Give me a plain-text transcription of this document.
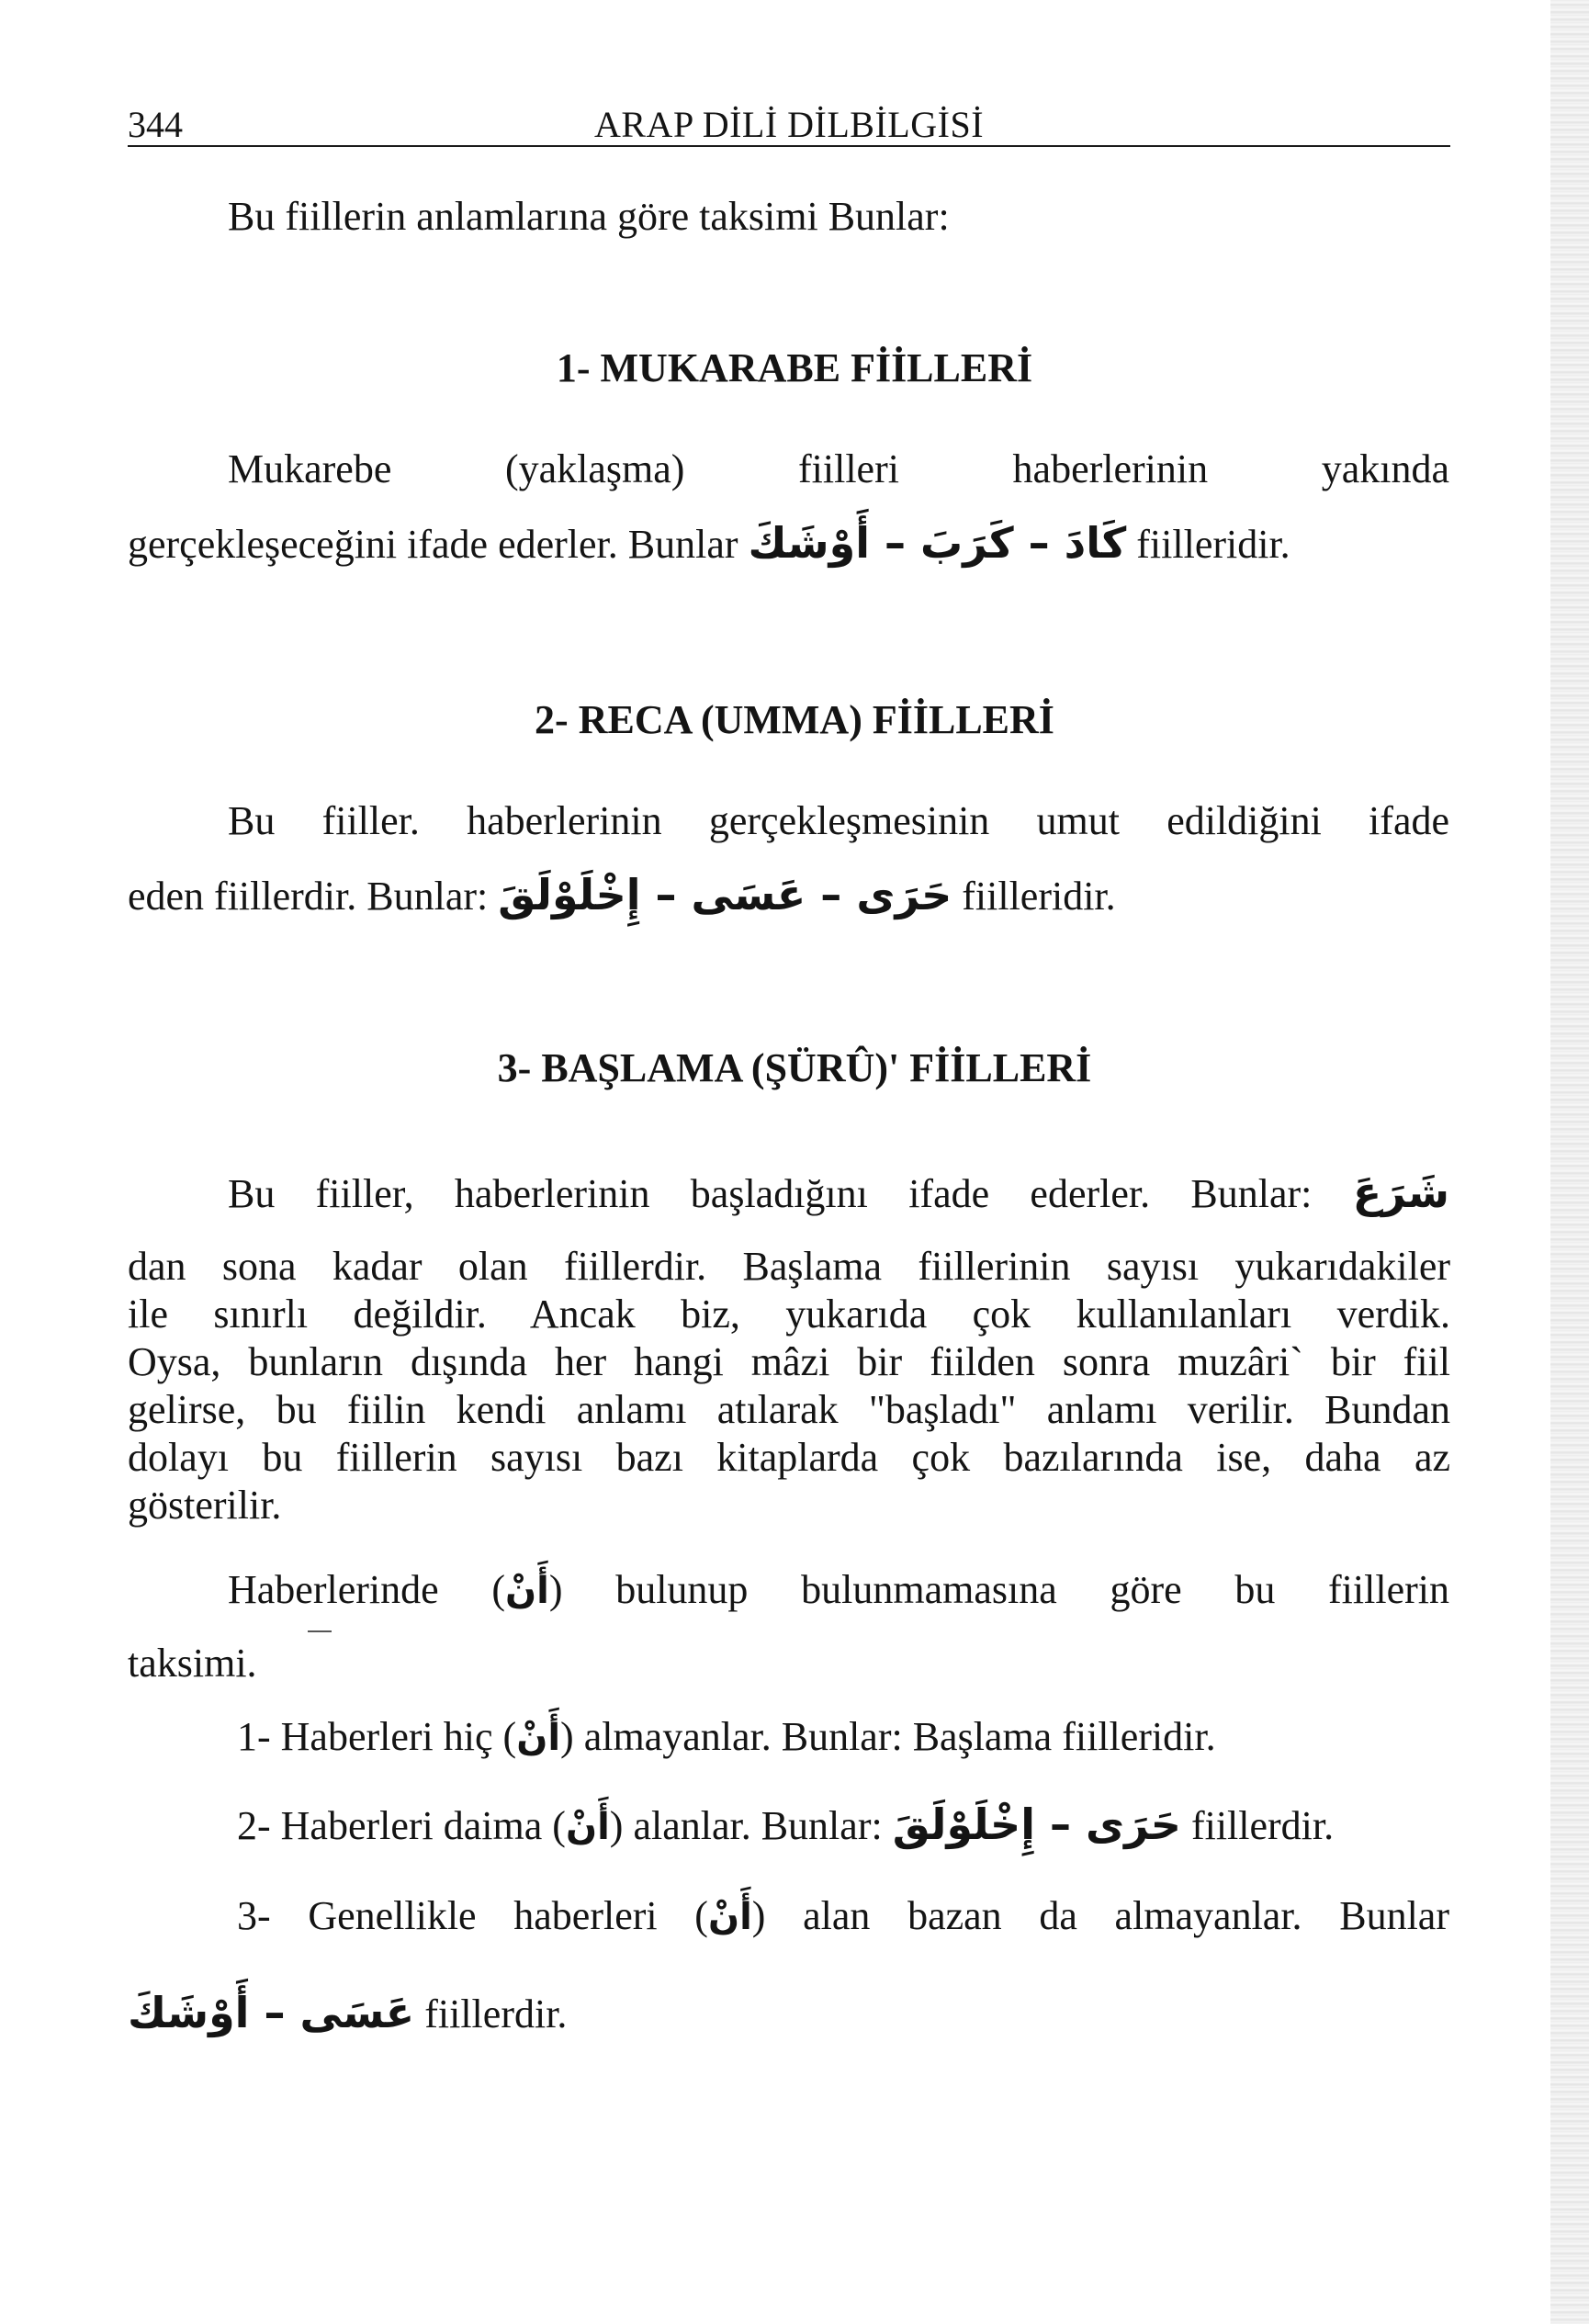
344	ARAP DİLİ DİLBİLGİSİ
Bu fiillerin anlamlarına göre taksimi Bunlar:
1- MUKARABE FİİLLERİ
Mukarebe (yaklaşma) fiilleri haberlerinin yakında
gerçekleşeceğini ifade ederler. Bunlar كَادَ – كَرَبَ – أَوْشَكَ fiilleridir.
2- RECA (UMMA) FİİLLERİ
Bu fiiller. haberlerinin gerçekleşmesinin umut edildiğini ifade
eden fiillerdir. Bunlar: حَرَى – عَسَى – إِخْلَوْلَقَ fiilleridir.
3- BAŞLAMA (ŞÜRÛ)' FİİLLERİ
Bu fiiller, haberlerinin başladığını ifade ederler. Bunlar: شَرَعَ
dan sona kadar olan fiillerdir. Başlama fiillerinin sayısı yukarıdakiler
ile sınırlı değildir. Ancak biz, yukarıda çok kullanılanları verdik.
Oysa, bunların dışında her hangi mâzi bir fiilden sonra muzâri` bir fiil
gelirse, bu fiilin kendi anlamı atılarak "başladı" anlamı verilir. Bundan
dolayı bu fiillerin sayısı bazı kitaplarda çok bazılarında ise, daha az
gösterilir.
Haberlerinde (أَنْ) bulunup bulunmamasına göre bu fiillerin
taksimi.
1- Haberleri hiç (أَنْ) almayanlar. Bunlar: Başlama fiilleridir.
2- Haberleri daima (أَنْ) alanlar. Bunlar: حَرَى – إِخْلَوْلَقَ fiillerdir.
3- Genellikle haberleri (أَنْ) alan bazan da almayanlar. Bunlar
عَسَى – أَوْشَكَ fiillerdir.
